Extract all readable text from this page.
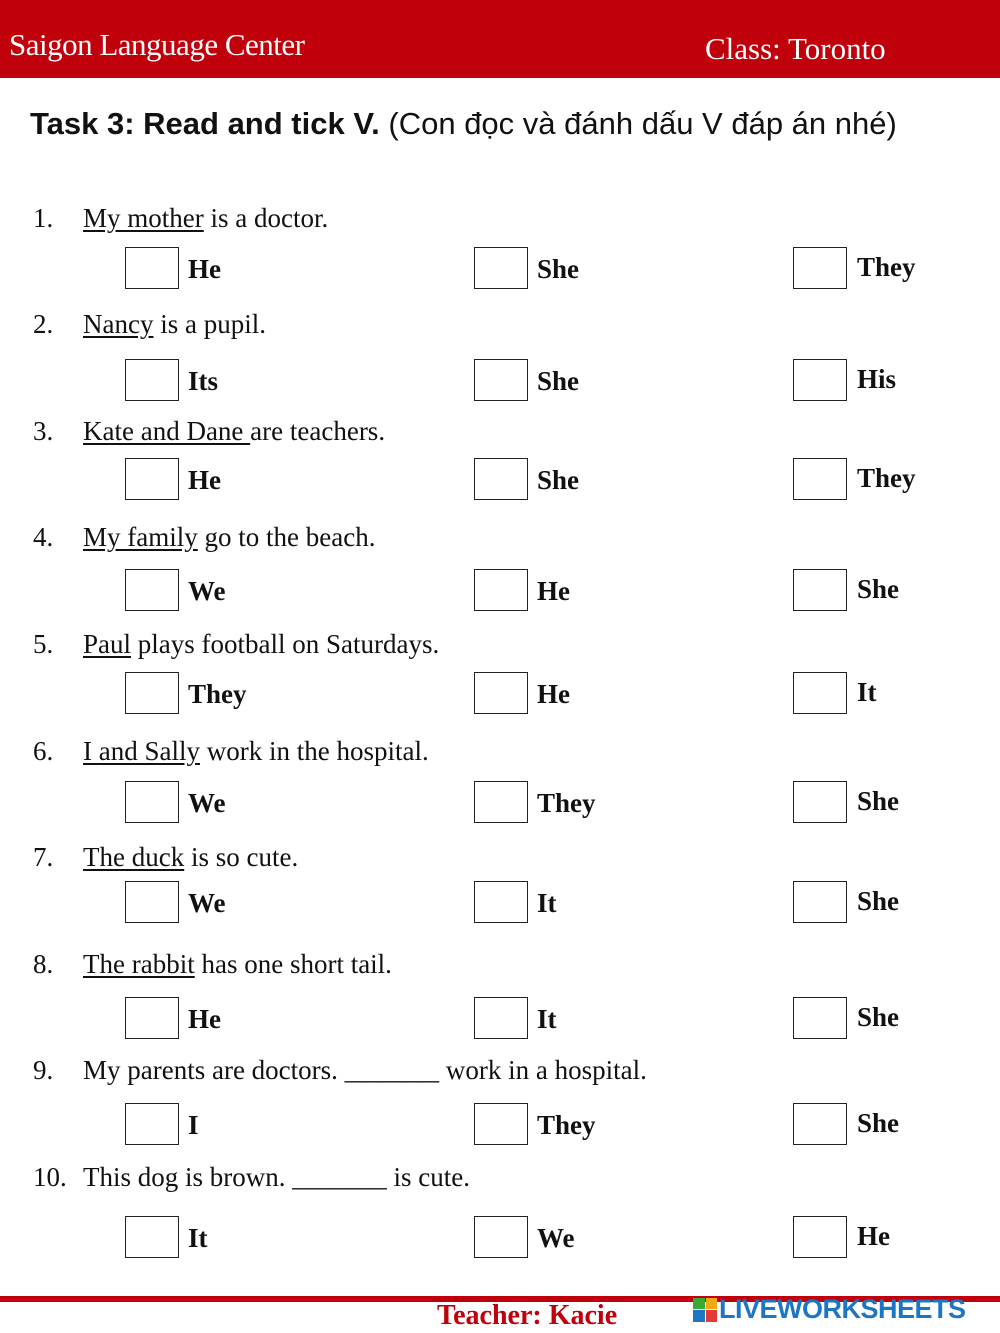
Saigon Language Center	Class: Toronto
Task 3: Read and tick V. (Con đọc và đánh dấu V đáp án nhé)
1. My mother is a doctor.
He	She	They
2. Nancy is a pupil.
Its	She	His
3. Kate and Dane are teachers.
He	She	They
4. My family go to the beach.
We	He	She
5. Paul plays football on Saturdays.
They	He	It
6. I and Sally work in the hospital.
We	They	She
7. The duck is so cute.
We	It	She
8. The rabbit has one short tail.
He	It	She
9. My parents are doctors. _______ work in a hospital.
I	They	She
10. This dog is brown. _______ is cute.
It	We	He
Teacher: Kacie	LIVEWORKSHEETS
